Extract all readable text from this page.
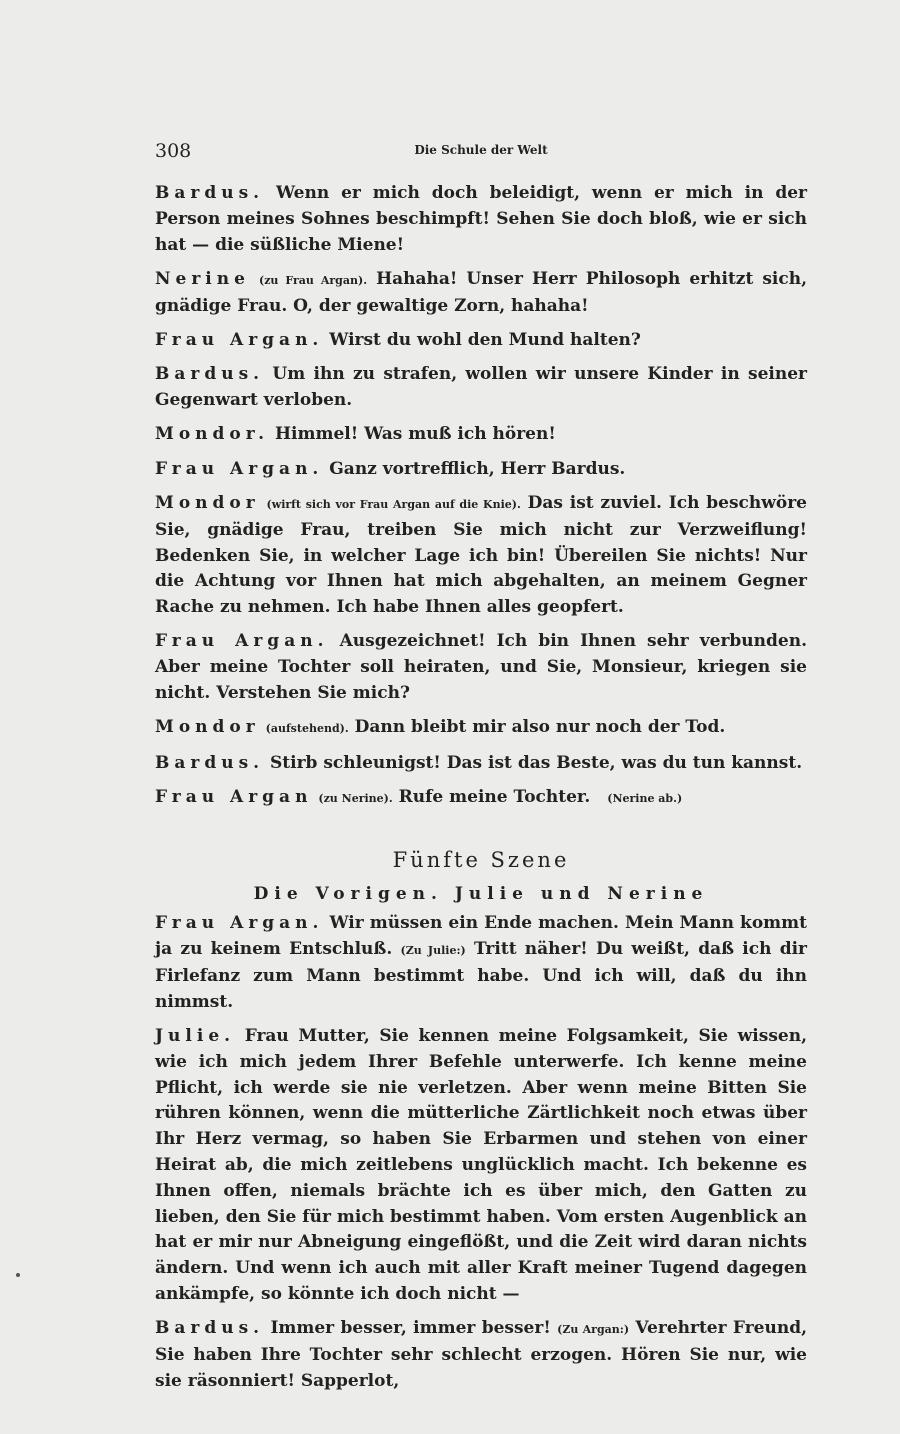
308	Die Schule der Welt

Bardus. Wenn er mich doch beleidigt, wenn er mich in der Person meines Sohnes beschimpft! Sehen Sie doch bloß, wie er sich hat — die süßliche Miene!

Nerine (zu Frau Argan). Hahaha! Unser Herr Philosoph erhitzt sich, gnädige Frau. O, der gewaltige Zorn, hahaha!

Frau Argan. Wirst du wohl den Mund halten?

Bardus. Um ihn zu strafen, wollen wir unsere Kinder in seiner Gegenwart verloben.

Mondor. Himmel! Was muß ich hören!

Frau Argan. Ganz vortrefflich, Herr Bardus.

Mondor (wirft sich vor Frau Argan auf die Knie). Das ist zuviel. Ich beschwöre Sie, gnädige Frau, treiben Sie mich nicht zur Verzweiflung! Bedenken Sie, in welcher Lage ich bin! Übereilen Sie nichts! Nur die Achtung vor Ihnen hat mich abgehalten, an meinem Gegner Rache zu nehmen. Ich habe Ihnen alles geopfert.

Frau Argan. Ausgezeichnet! Ich bin Ihnen sehr verbunden. Aber meine Tochter soll heiraten, und Sie, Monsieur, kriegen sie nicht. Verstehen Sie mich?

Mondor (aufstehend). Dann bleibt mir also nur noch der Tod.

Bardus. Stirb schleunigst! Das ist das Beste, was du tun kannst.

Frau Argan (zu Nerine). Rufe meine Tochter.  (Nerine ab.)

Fünfte Szene
Die Vorigen. Julie und Nerine

Frau Argan. Wir müssen ein Ende machen. Mein Mann kommt ja zu keinem Entschluß. (Zu Julie:) Tritt näher! Du weißt, daß ich dir Firlefanz zum Mann bestimmt habe. Und ich will, daß du ihn nimmst.

Julie. Frau Mutter, Sie kennen meine Folgsamkeit, Sie wissen, wie ich mich jedem Ihrer Befehle unterwerfe. Ich kenne meine Pflicht, ich werde sie nie verletzen. Aber wenn meine Bitten Sie rühren können, wenn die mütterliche Zärtlichkeit noch etwas über Ihr Herz vermag, so haben Sie Erbarmen und stehen von einer Heirat ab, die mich zeitlebens unglücklich macht. Ich bekenne es Ihnen offen, niemals brächte ich es über mich, den Gatten zu lieben, den Sie für mich bestimmt haben. Vom ersten Augenblick an hat er mir nur Abneigung eingeflößt, und die Zeit wird daran nichts ändern. Und wenn ich auch mit aller Kraft meiner Tugend dagegen ankämpfe, so könnte ich doch nicht —

Bardus. Immer besser, immer besser! (Zu Argan:) Verehrter Freund, Sie haben Ihre Tochter sehr schlecht erzogen. Hören Sie nur, wie sie räsonniert! Sapperlot,
